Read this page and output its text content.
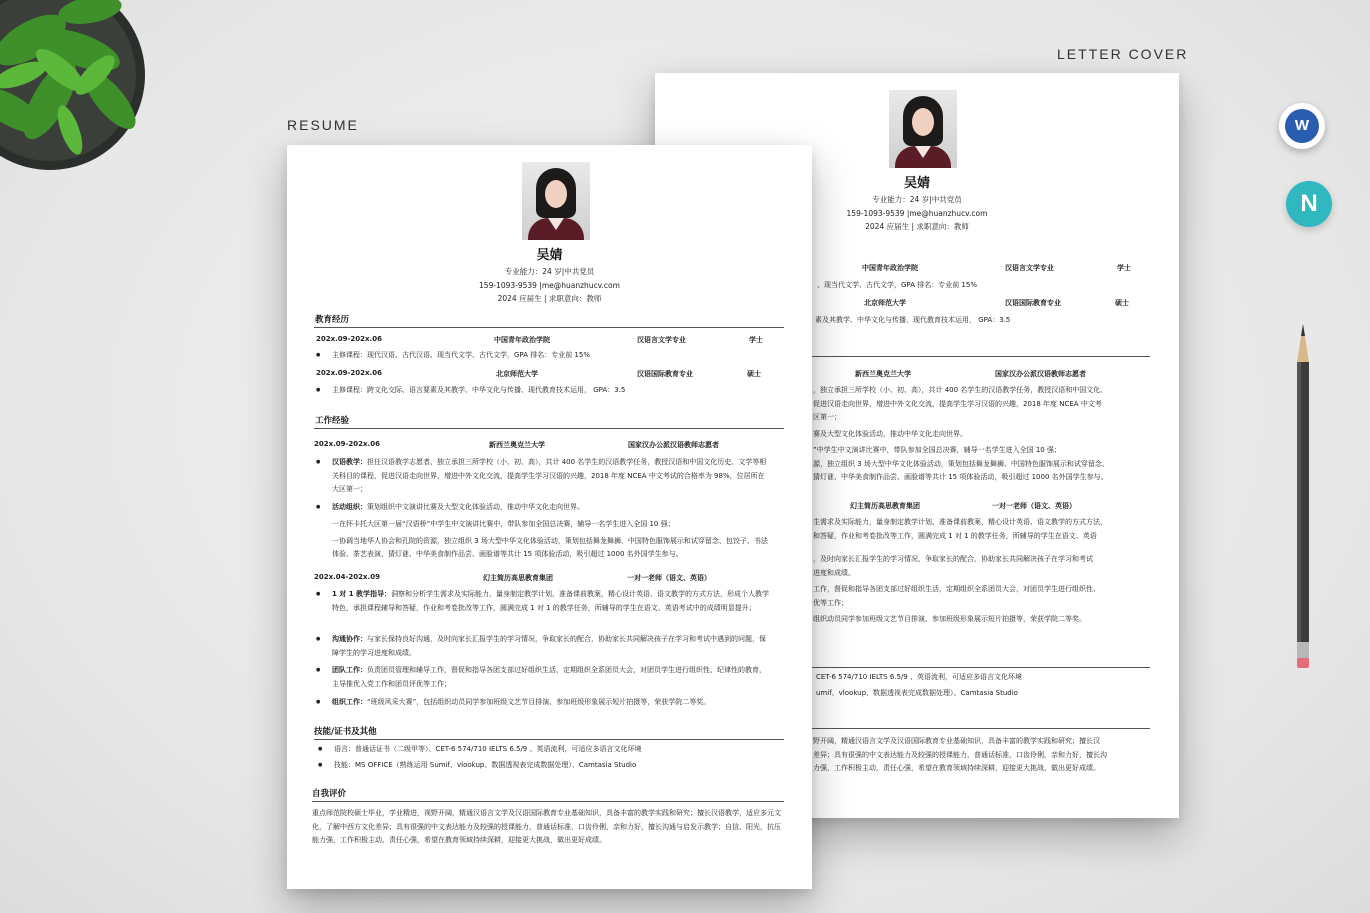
LETTER COVER
RESUME
吴婧
专业能力：24 岁|中共党员
159-1093-9539 |me@huanzhucv.com
2024 应届生 | 求职意向：教师
中国青年政治学院	汉语言文学专业	学士
、现当代文学、古代文学，GPA 排名：专业前 15%
北京师范大学	汉语国际教育专业	硕士
素及其教学、中华文化与传播、现代教育技术运用， GPA：3.5
新西兰奥克兰大学	国家汉办公派汉语教师志愿者
，独立承担三所学校（小、初、高），共计 400 名学生的汉语教学任务，教授汉语和中国文化、
促进汉语走向世界，增进中外文化交流，提高学生学习汉语的兴趣，2018 年度 NCEA 中文考
区第一；
赛及大型文化体验活动，推动中华文化走向世界。
”中学生中文演讲比赛中，带队参加全国总决赛，辅导一名学生进入全国 10 强；
源，独立组织 3 场大型中华文化体验活动，策划包括舞龙舞狮、中国特色服饰展示和试穿留念、
猜灯谜、中华美食制作品尝、画脸谱等共计 15 项体验活动，吸引超过 1000 名外国学生参与。
幻主简历高思教育集团	一对一老师（语文、英语）
生需求及实际能力，量身制定教学计划，准备课前教案，精心设计英语、语文教学的方式方法，
和答疑，作业和考卷批改等工作，圆满完成 1 对 1 的教学任务，所辅导的学生在语文、英语
，及时向家长汇报学生的学习情况，争取家长的配合，协助家长共同解决孩子在学习和考试
进度和成绩。
工作，督促和指导各团支部过好组织生活，定期组织全系团员大会，对团员学生进行组织性、
优等工作；
组织动员同学参加班级文艺节目排演、参加班级形象展示短片拍摄等，荣获学院二等奖。
CET-6 574/710 IELTS 6.5/9 、英语流利，可适应多语言文化环境
umif、vlookup、数据透视表完成数据处理）、Camtasia Studio
野开阔，精通汉语言文学及汉语国际教育专业基础知识，具备丰富的教学实践和研究；擅长汉
差异；具有很强的中文表达能力及较强的授课能力，普通话标准，口齿伶俐，亲和力好，擅长沟
力强，工作积极主动，责任心强，希望在教育领域持续深耕，迎接更大挑战，做出更好成绩。
吴婧
专业能力：24 岁|中共党员
159-1093-9539 |me@huanzhucv.com
2024 应届生 | 求职意向：教师
教育经历
202x.09-202x.06	中国青年政治学院	汉语言文学专业	学士
● 主修课程：现代汉语、古代汉语、现当代文学、古代文学，GPA 排名：专业前 15%
202x.09-202x.06	北京师范大学	汉语国际教育专业	硕士
● 主修课程：跨文化交际、语言要素及其教学、中华文化与传播、现代教育技术运用， GPA：3.5
工作经验
202x.09-202x.06	新西兰奥克兰大学	国家汉办公派汉语教师志愿者
● 汉语教学：担任汉语教学志愿者，独立承担三所学校（小、初、高），共计 400 名学生的汉语教学任务，教授汉语和中国文化历史、文学等相关科目的课程，促进汉语走向世界，增进中外文化交流，提高学生学习汉语的兴趣，2018 年度 NCEA 中文考试的合格率为 98%，位居所在大区第一；
● 活动组织：策划组织中文演讲比赛及大型文化体验活动，推动中华文化走向世界。
一在怀卡托大区第一届“汉语桥”中学生中文演讲比赛中，带队参加全国总决赛，辅导一名学生进入全国 10 强；
一协调当地华人协会和孔院的资源，独立组织 3 场大型中华文化体验活动，策划包括舞龙舞狮、中国特色服饰展示和试穿留念、包饺子、书法体验、茶艺表演、猜灯谜、中华美食制作品尝、画脸谱等共计 15 项体验活动，吸引超过 1000 名外国学生参与。
202x.04-202x.09	幻主简历高思教育集团	一对一老师（语文、英语）
● 1 对 1 教学指导：洞察和分析学生需求及实际能力，量身制定教学计划，准备课前教案，精心设计英语、语文教学的方式方法，形成个人教学特色，承担课程辅导和答疑，作业和考卷批改等工作，圆满完成 1 对 1 的教学任务，所辅导的学生在语文、英语考试中的成绩明显提升；
● 沟通协作：与家长保持良好沟通，及时向家长汇报学生的学习情况，争取家长的配合，协助家长共同解决孩子在学习和考试中遇到的问题，保障学生的学习进度和成绩。
● 团队工作：负责团员管理和辅导工作，督促和指导各团支部过好组织生活，定期组织全系团员大会，对团员学生进行组织性、纪律性的教育，主导推优入党工作和团员评优等工作；
● 组织工作：“班级风采大赛”，包括组织动员同学参加班级文艺节目排演、参加班级形象展示短片拍摄等，荣获学院二等奖。
技能/证书及其他
● 语言：普通话证书（二级甲等）、CET-6 574/710 IELTS 6.5/9 、英语流利，可适应多语言文化环境
● 技能：MS OFFICE（熟练运用 Sumif、vlookup、数据透视表完成数据处理）、Camtasia Studio
自我评价
重点师范院校硕士毕业，学业精进，视野开阔，精通汉语言文学及汉语国际教育专业基础知识，具备丰富的教学实践和研究；擅长汉语教学，适应多元文化，了解中西方文化差异；具有很强的中文表达能力及较强的授课能力，普通话标准，口齿伶俐，亲和力好，擅长沟通与启发示教学；自信、阳光，抗压能力强，工作积极主动，责任心强，希望在教育领域持续深耕，迎接更大挑战，做出更好成绩。
W
N
